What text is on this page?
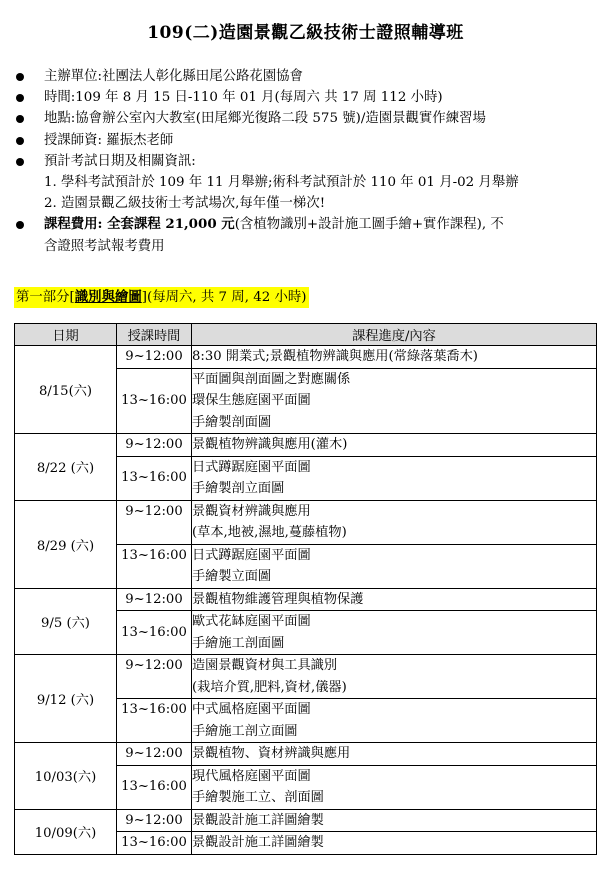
109(二)造園景觀乙級技術士證照輔導班
主辦單位:社團法人彰化縣田尾公路花園協會
時間:109 年 8 月 15 日-110 年 01 月(每周六 共 17 周 112 小時)
地點:協會辦公室內大教室(田尾鄉光復路二段 575 號)/造園景觀實作練習場
授課師資: 羅振杰老師
預計考試日期及相關資訊:
1. 學科考試預計於 109 年 11 月舉辦;術科考試預計於 110 年 01 月-02 月舉辦
2. 造園景觀乙級技術士考試場次,每年僅一梯次!
課程費用: 全套課程 21,000 元(含植物識別+設計施工圖手繪+實作課程), 不
含證照考試報考費用
第一部分[識別與繪圖](每周六, 共 7 周, 42 小時)
日期	授課時間	課程進度/內容
8/15(六)	9~12:00	8:30 開業式;景觀植物辨識與應用(常綠落葉喬木)

	13~16:00	平面圖與剖面圖之對應關係
環保生態庭園平面圖
手繪製剖面圖

8/22 (六)	9~12:00	景觀植物辨識與應用(灌木)

	13~16:00	日式蹲踞庭園平面圖
手繪製剖立面圖

8/29 (六)	9~12:00	景觀資材辨識與應用
(草本,地被,濕地,蔓藤植物)

	13~16:00	日式蹲踞庭園平面圖
手繪製立面圖

9/5 (六)	9~12:00	景觀植物維護管理與植物保護

	13~16:00	歐式花缽庭園平面圖
手繪施工剖面圖

9/12 (六)	9~12:00	造園景觀資材與工具識別
(栽培介質,肥料,資材,儀器)

	13~16:00	中式風格庭園平面圖
手繪施工剖立面圖

10/03(六)	9~12:00	景觀植物、資材辨識與應用

	13~16:00	現代風格庭園平面圖
手繪製施工立、剖面圖

10/09(六)	9~12:00	景觀設計施工詳圖繪製

	13~16:00	景觀設計施工詳圖繪製
